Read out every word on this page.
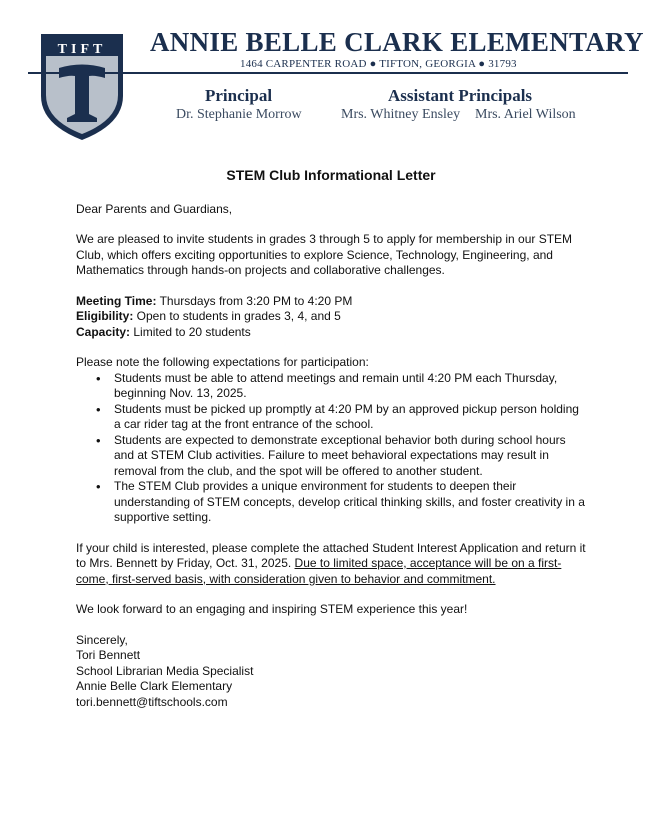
TIFT ANNIE BELLE CLARK ELEMENTARY
1464 CARPENTER ROAD ● TIFTON, GEORGIA ● 31793
Principal
Dr. Stephanie Morrow
Assistant Principals
Mrs. Whitney Ensley Mrs. Ariel Wilson
STEM Club Informational Letter

Dear Parents and Guardians,

We are pleased to invite students in grades 3 through 5 to apply for membership in our STEM Club, which offers exciting opportunities to explore Science, Technology, Engineering, and Mathematics through hands-on projects and collaborative challenges.

Meeting Time: Thursdays from 3:20 PM to 4:20 PM

Eligibility: Open to students in grades 3, 4, and 5

Capacity: Limited to 20 students

Please note the following expectations for participation:

• Students must be able to attend meetings and remain until 4:20 PM each Thursday, beginning Nov. 13, 2025.
• Students must be picked up promptly at 4:20 PM by an approved pickup person holding a car rider tag at the front entrance of the school.
• Students are expected to demonstrate exceptional behavior both during school hours and at STEM Club activities. Failure to meet behavioral expectations may result in removal from the club, and the spot will be offered to another student.
• The STEM Club provides a unique environment for students to deepen their understanding of STEM concepts, develop critical thinking skills, and foster creativity in a supportive setting.

If your child is interested, please complete the attached Student Interest Application and return it to Mrs. Bennett by Friday, Oct. 31, 2025. Due to limited space, acceptance will be on a first-come, first-served basis, with consideration given to behavior and commitment.

We look forward to an engaging and inspiring STEM experience this year!

Sincerely,
Tori Bennett
School Librarian Media Specialist
Annie Belle Clark Elementary
tori.bennett@tiftschools.com
